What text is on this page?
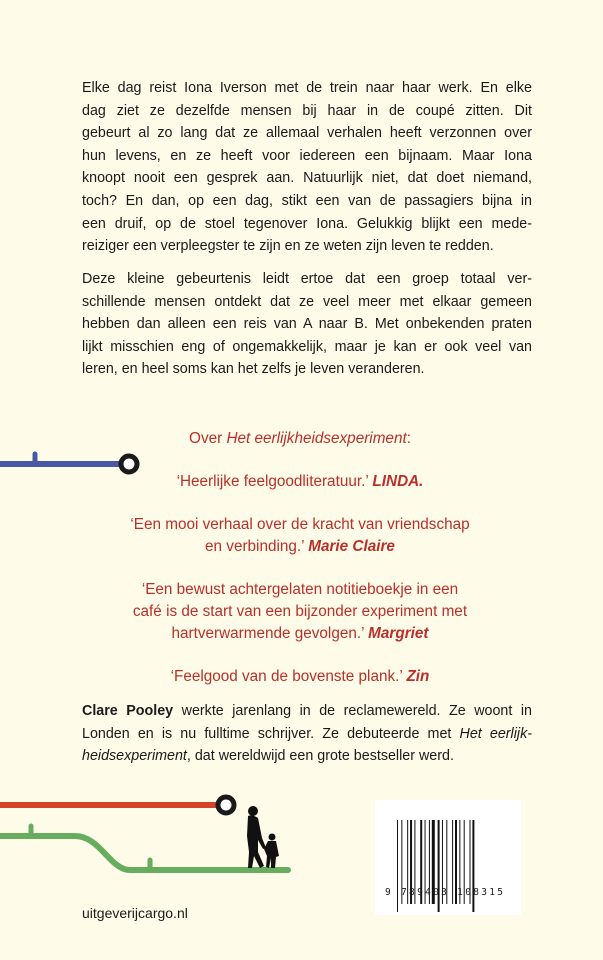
Elke dag reist Iona Iverson met de trein naar haar werk. En elke
dag ziet ze dezelfde mensen bij haar in de coupé zitten. Dit
gebeurt al zo lang dat ze allemaal verhalen heeft verzonnen over
hun levens, en ze heeft voor iedereen een bijnaam. Maar Iona
knoopt nooit een gesprek aan. Natuurlijk niet, dat doet niemand,
toch? En dan, op een dag, stikt een van de passagiers bijna in
een druif, op de stoel tegenover Iona. Gelukkig blijkt een mede-
reiziger een verpleegster te zijn en ze weten zijn leven te redden.
Deze kleine gebeurtenis leidt ertoe dat een groep totaal ver-
schillende mensen ontdekt dat ze veel meer met elkaar gemeen
hebben dan alleen een reis van A naar B. Met onbekenden praten
lijkt misschien eng of ongemakkelijk, maar je kan er ook veel van
leren, en heel soms kan het zelfs je leven veranderen.
Over Het eerlijkheidsexperiment:
‘Heerlijke feelgoodliteratuur.’ LINDA.
‘Een mooi verhaal over de kracht van vriendschap
en verbinding.’ Marie Claire
‘Een bewust achtergelaten notitieboekje in een
café is de start van een bijzonder experiment met
hartverwarmende gevolgen.’ Margriet
‘Feelgood van de bovenste plank.’ Zin
Clare Pooley werkte jarenlang in de reclamewereld. Ze woont in
Londen en is nu fulltime schrijver. Ze debuteerde met Het eerlijk-
heidsexperiment, dat wereldwijd een grote bestseller werd.
uitgeverijcargo.nl
9 789403 108315
